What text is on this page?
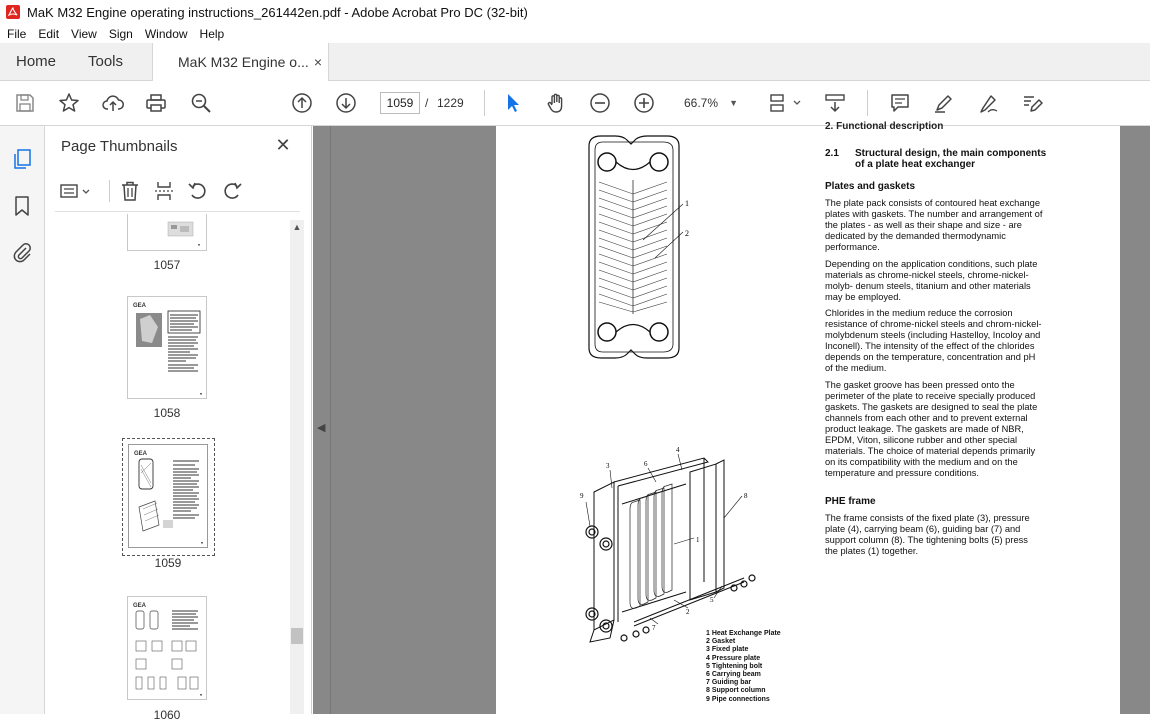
MaK M32 Engine operating instructions_261442en.pdf - Adobe Acrobat Pro DC (32-bit)
File	Edit	View	Sign	Window	Help
Home Tools	MaK M32 Engine o... ×
1059
/ 1229	66.7% ▼
Page Thumbnails	✕
1057
GEA
1058
GEA
1059
GEA
1060
▲
◀
1
2
9
3	6
4
8
1
2
5
7
1 Heat Exchange Plate
2 Gasket
3 Fixed plate
4 Pressure plate
5 Tightening bolt
6 Carrying beam
7 Guiding bar
8 Support column
9 Pipe connections
2. Functional description
2.1 Structural design, the main components of a plate heat exchanger
Plates and gaskets

The plate pack consists of contoured heat exchange plates with gaskets. The number and arrangement of the plates - as well as their shape and size - are dedicated by the demanded thermodynamic performance.

Depending on the application conditions, such plate materials as chrome-nickel steels, chrome-nickel-molyb- denum steels, titanium and other materials may be employed.

Chlorides in the medium reduce the corrosion resistance of chrome-nickel steels and chrom-nickel-molybdenum steels (including Hastelloy, Incoloy and Inconell). The intensity of the effect of the chlorides depends on the temperature, concentration and pH of the medium.

The gasket groove has been pressed onto the perimeter of the plate to receive specially produced gaskets. The gaskets are designed to seal the plate channels from each other and to prevent external product leakage. The gaskets are made of NBR, EPDM, Viton, silicone rubber and other special materials. The choice of material depends primarily on its compatibility with the medium and on the temperature and pressure conditions.

PHE frame

The frame consists of the fixed plate (3), pressure plate (4), carrying beam (6), guiding bar (7) and support column (8). The tightening bolts (5) press the plates (1) together.
